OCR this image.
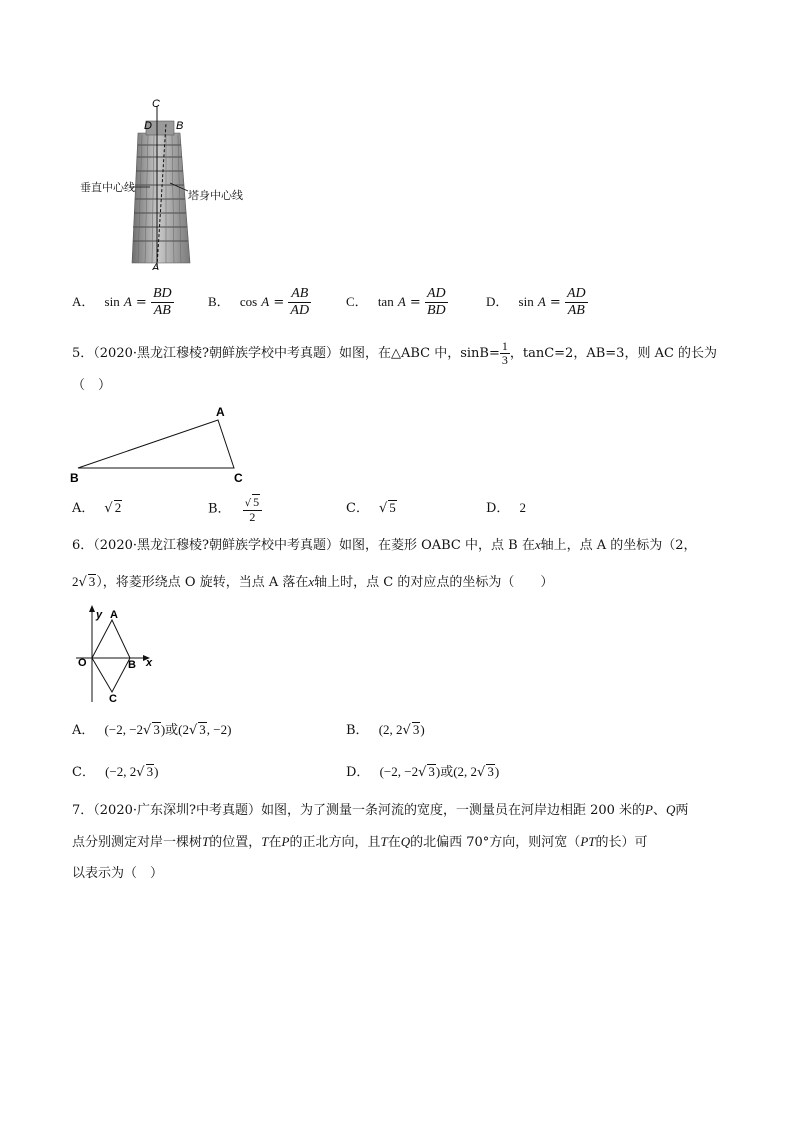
C
D B
A
垂直中心线
塔身中心线
A． $\sin A = \frac{BD}{AB}$	B． $\cos A = \frac{AB}{AD}$	C． $\tan A = \frac{AD}{BD}$	D． $\sin A = \frac{AD}{AB}$
5．（2020·黑龙江穆棱?朝鲜族学校中考真题）如图，在△ABC 中，$\sin B= \frac{1}{3}$ ，tanC=2，AB=3，则 AC 的长为
（　）
A
B	C
A． √ 2	B． $\frac{√ 5}{2}$	C． √ 5	D． 2
6．（2020·黑龙江穆棱?朝鲜族学校中考真题）如图，在菱形 OABC 中，点 B 在x轴上，点 A 的坐标为（2，
2√ 3），将菱形绕点 O 旋转，当点 A 落在x轴上时，点 C 的对应点的坐标为（　　）
y
x
A
O	B
C
A． (−2, −2√ 3)或(2√ 3, −2)	B． (2, 2√ 3)
C． (−2, 2√ 3)	D． (−2, −2√ 3)或(2, 2√ 3)
7．（2020·广东深圳?中考真题）如图，为了测量一条河流的宽度，一测量员在河岸边相距 200 米的P、Q两
点分别测定对岸一棵树T的位置，T在P的正北方向，且T在Q的北偏西 70°方向，则河宽（PT的长）可
以表示为（　）
